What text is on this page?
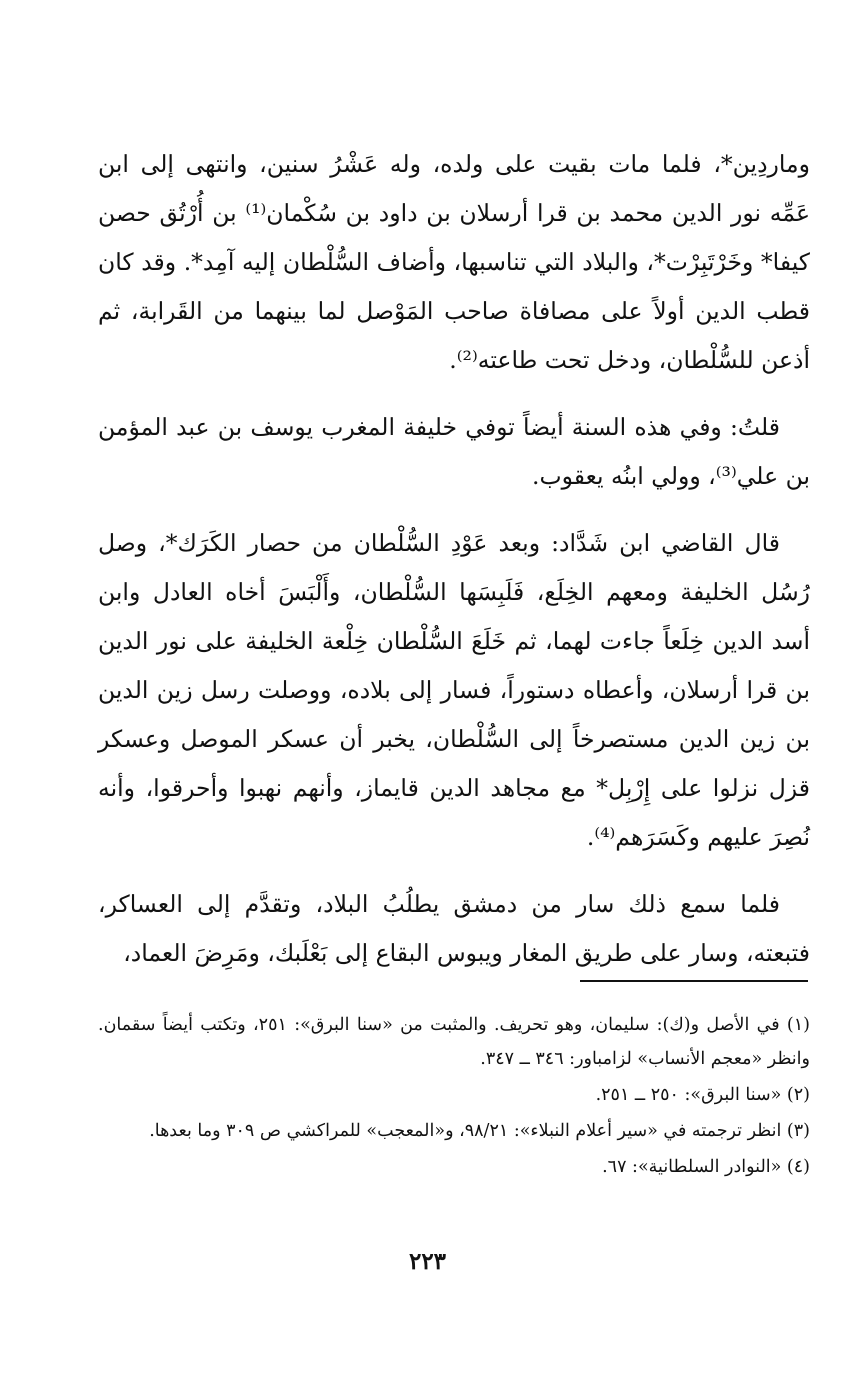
وماردِين*، فلما مات بقيت على ولده، وله عَشْرُ سنين، وانتهى إلى ابن عَمِّه نور الدين محمد بن قرا أرسلان بن داود بن سُكْمان⁽¹⁾ بن أُرْتُق حصن كيفا* وخَرْتَبِرْت*، والبلاد التي تناسبها، وأضاف السُّلْطان إليه آمِد*. وقد كان قطب الدين أولاً على مصافاة صاحب المَوْصل لما بينهما من القَرابة، ثم أذعن للسُّلْطان، ودخل تحت طاعته⁽²⁾.

قلتُ: وفي هذه السنة أيضاً توفي خليفة المغرب يوسف بن عبد المؤمن بن علي⁽³⁾، وولي ابنُه يعقوب.

قال القاضي ابن شَدَّاد: وبعد عَوْدِ السُّلْطان من حصار الكَرَك*، وصل رُسُل الخليفة ومعهم الخِلَع، فَلَبِسَها السُّلْطان، وأَلْبَسَ أخاه العادل وابن أسد الدين خِلَعاً جاءت لهما، ثم خَلَعَ السُّلْطان خِلْعة الخليفة على نور الدين بن قرا أرسلان، وأعطاه دستوراً، فسار إلى بلاده، ووصلت رسل زين الدين بن زين الدين مستصرخاً إلى السُّلْطان، يخبر أن عسكر الموصل وعسكر قزل نزلوا على إِرْبِل* مع مجاهد الدين قايماز، وأنهم نهبوا وأحرقوا، وأنه نُصِرَ عليهم وكَسَرَهم⁽⁴⁾.

فلما سمع ذلك سار من دمشق يطلُبُ البلاد، وتقدَّم إلى العساكر، فتبعته، وسار على طريق المغار ويبوس البقاع إلى بَعْلَبك، ومَرِضَ العماد،

(١) في الأصل و(ك): سليمان، وهو تحريف. والمثبت من «سنا البرق»: ٢٥١، وتكتب أيضاً سقمان. وانظر «معجم الأنساب» لزامباور: ٣٤٦ ــ ٣٤٧.

(٢) «سنا البرق»: ٢٥٠ ــ ٢٥١.

(٣) انظر ترجمته في «سير أعلام النبلاء»: ٩٨/٢١، و«المعجب» للمراكشي ص ٣٠٩ وما بعدها.

(٤) «النوادر السلطانية»: ٦٧.

٢٢٣
